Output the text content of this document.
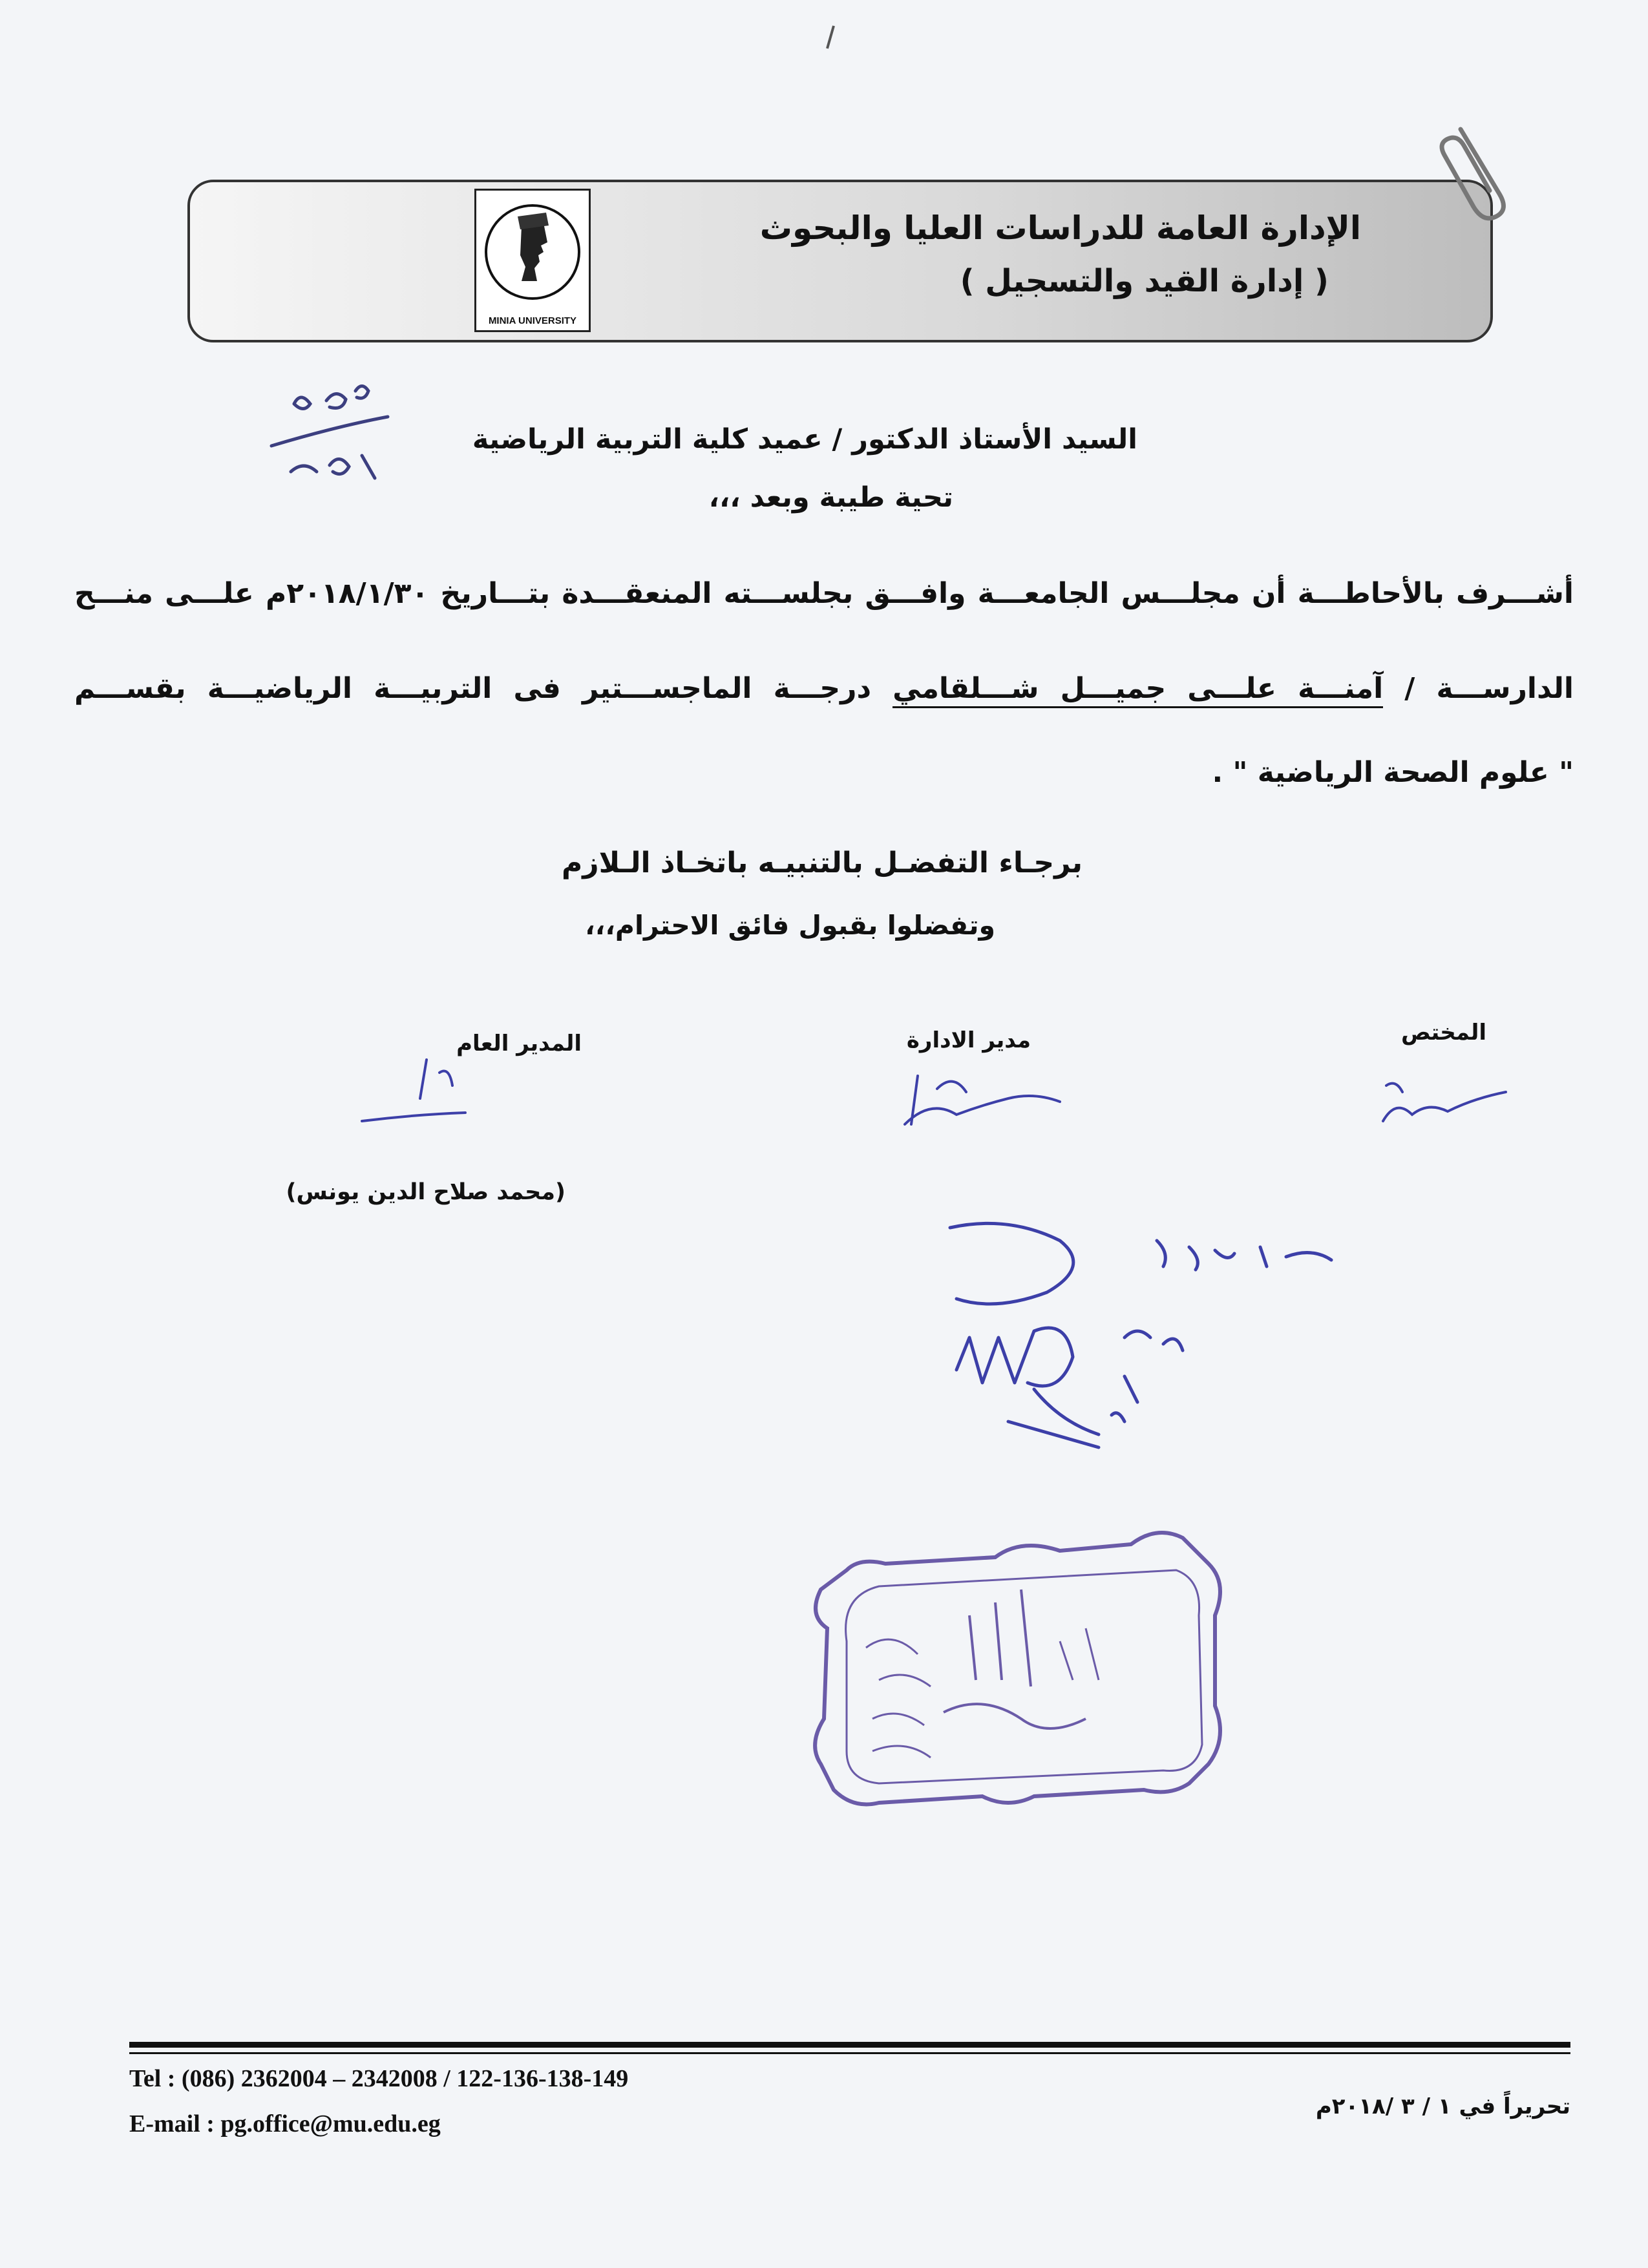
الإدارة العامة للدراسات العليا والبحوث
( إدارة القيد والتسجيل )
MINIA UNIVERSITY
السيد الأستاذ الدكتور / عميد كلية التربية الرياضية
تحية طيبة وبعد ،،،
أشـــرف بالأحاطـــة أن مجلـــس الجامعـــة وافـــق بجلســـته المنعقـــدة بتـــاريخ ٢٠١٨/١/٣٠م علـــى منـــح
الدارســـة / آمنـــة علـــى جميـــل شـــلقامي درجـــة الماجســـتير فى التربيـــة الرياضيـــة بقســـم
" علوم الصحة الرياضية " .
برجـاء التفضـل بالتنبيـه باتخـاذ الـلازم
وتفضلوا بقبول فائق الاحترام،،،
المدير العام	مدير الادارة	المختص
(محمد صلاح الدين يونس)
Tel : (086) 2362004 – 2342008 / 122-136-138-149
E-mail : pg.office@mu.edu.eg
تحريراً في ١ / ٣ /٢٠١٨م
